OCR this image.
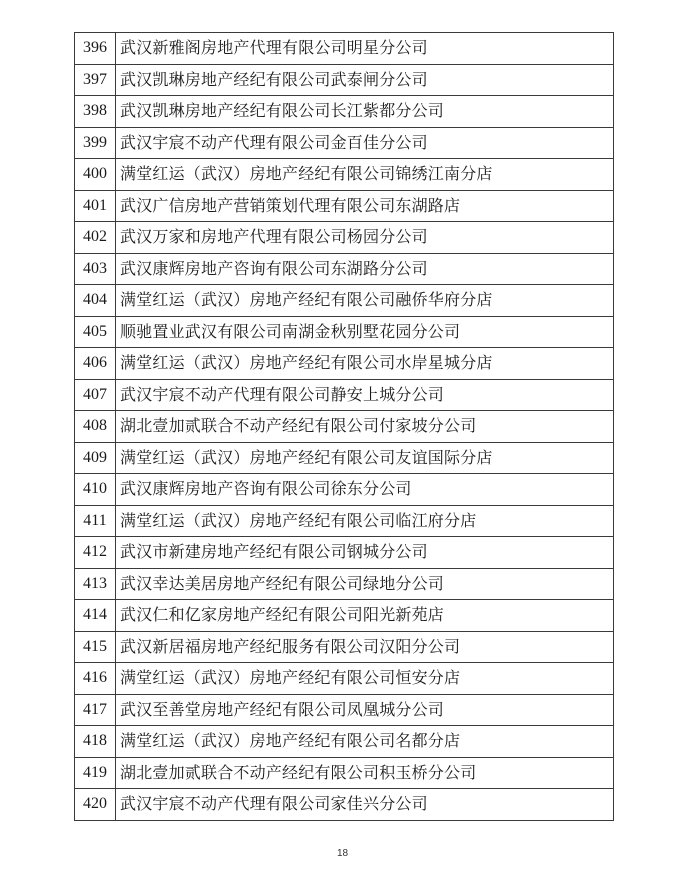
396	武汉新雅阁房地产代理有限公司明星分公司
397	武汉凯琳房地产经纪有限公司武泰闸分公司
398	武汉凯琳房地产经纪有限公司长江紫都分公司
399	武汉宇宸不动产代理有限公司金百佳分公司
400	满堂红运（武汉）房地产经纪有限公司锦绣江南分店
401	武汉广信房地产营销策划代理有限公司东湖路店
402	武汉万家和房地产代理有限公司杨园分公司
403	武汉康辉房地产咨询有限公司东湖路分公司
404	满堂红运（武汉）房地产经纪有限公司融侨华府分店
405	顺驰置业武汉有限公司南湖金秋别墅花园分公司
406	满堂红运（武汉）房地产经纪有限公司水岸星城分店
407	武汉宇宸不动产代理有限公司静安上城分公司
408	湖北壹加贰联合不动产经纪有限公司付家坡分公司
409	满堂红运（武汉）房地产经纪有限公司友谊国际分店
410	武汉康辉房地产咨询有限公司徐东分公司
411	满堂红运（武汉）房地产经纪有限公司临江府分店
412	武汉市新建房地产经纪有限公司钢城分公司
413	武汉幸达美居房地产经纪有限公司绿地分公司
414	武汉仁和亿家房地产经纪有限公司阳光新苑店
415	武汉新居福房地产经纪服务有限公司汉阳分公司
416	满堂红运（武汉）房地产经纪有限公司恒安分店
417	武汉至善堂房地产经纪有限公司凤凰城分公司
418	满堂红运（武汉）房地产经纪有限公司名都分店
419	湖北壹加贰联合不动产经纪有限公司积玉桥分公司
420	武汉宇宸不动产代理有限公司家佳兴分公司
18
